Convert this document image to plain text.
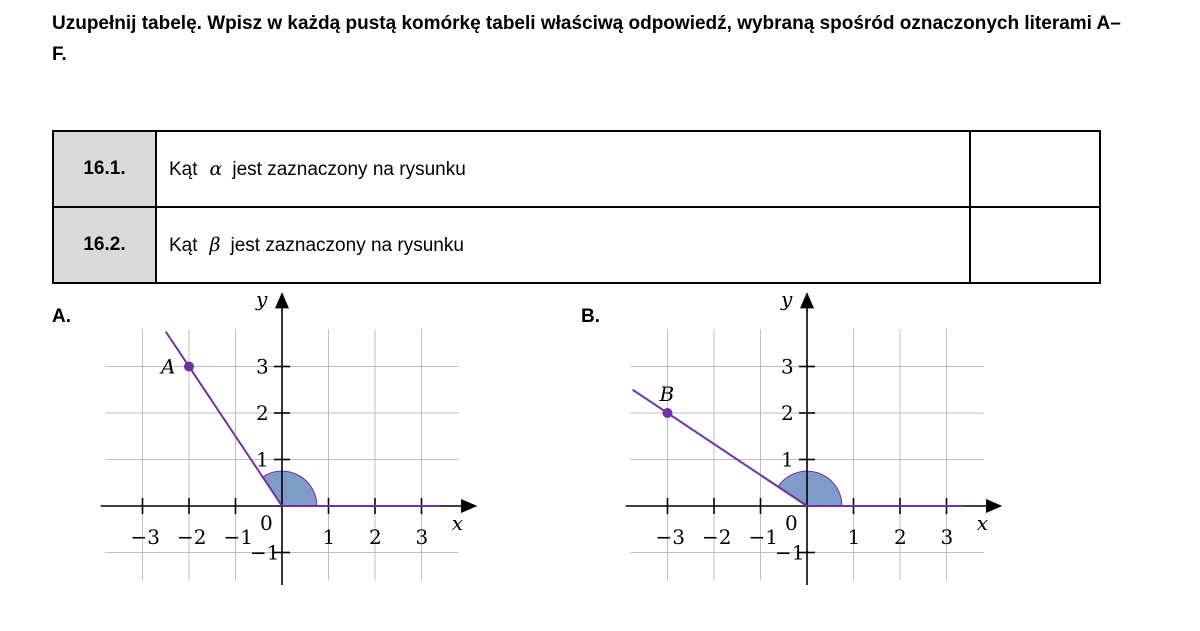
Uzupełnij tabelę. Wpisz w każdą pustą komórkę tabeli właściwą odpowiedź, wybraną spośród oznaczonych literami A–F.

16.1.	Kąt α jest zaznaczony na rysunku	
16.2.	Kąt β jest zaznaczony na rysunku	
A.	B.
A
−3 −2 −1	1 2 3
3
2
1
−1
0	x
y
B
−3 −2 −1	1 2 3
3
2
1
−1
0	x
y
